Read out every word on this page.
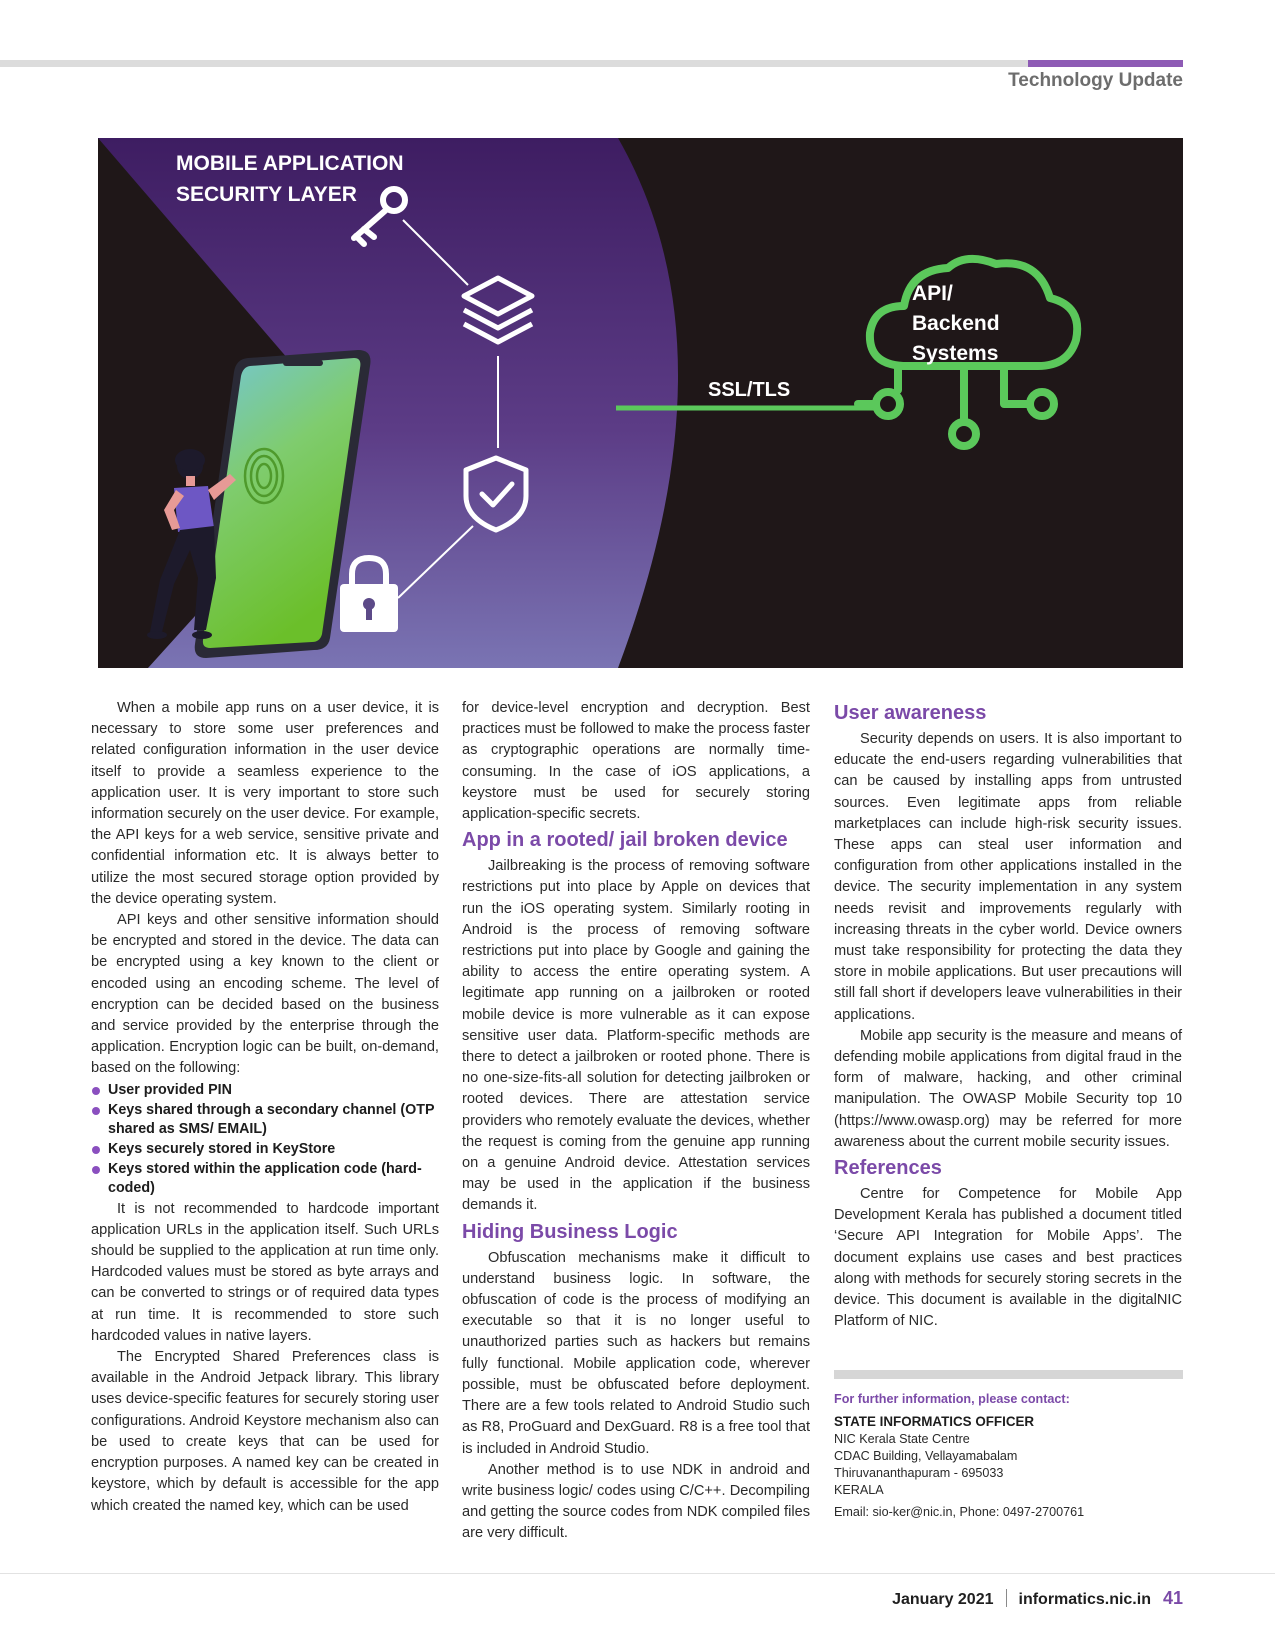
Technology Update
MOBILE APPLICATION
SECURITY LAYER
SSL/TLS
API/
Backend
Systems

When a mobile app runs on a user device, it is necessary to store some user preferences and related configuration information in the user device itself to provide a seamless experience to the application user. It is very important to store such information securely on the user device. For example, the API keys for a web service, sensitive private and confidential information etc. It is always better to utilize the most secured storage option provided by the device operating system.

API keys and other sensitive information should be encrypted and stored in the device. The data can be encrypted using a key known to the client or encoded using an encoding scheme. The level of encryption can be decided based on the business and service provided by the enterprise through the application. Encryption logic can be built, on-demand, based on the following:

User provided PIN
Keys shared through a secondary channel (OTP shared as SMS/ EMAIL)
Keys securely stored in KeyStore
Keys stored within the application code (hard-coded)

It is not recommended to hardcode important application URLs in the application itself. Such URLs should be supplied to the application at run time only. Hardcoded values must be stored as byte arrays and can be converted to strings or of required data types at run time. It is recommended to store such hardcoded values in native layers.

The Encrypted Shared Preferences class is available in the Android Jetpack library. This library uses device-specific features for securely storing user configurations. Android Keystore mechanism also can be used to create keys that can be used for encryption purposes. A named key can be created in keystore, which by default is accessible for the app which created the named key, which can be used

for device-level encryption and decryption. Best practices must be followed to make the process faster as cryptographic operations are normally time-consuming. In the case of iOS applications, a keystore must be used for securely storing application-specific secrets.

App in a rooted/ jail broken device

Jailbreaking is the process of removing software restrictions put into place by Apple on devices that run the iOS operating system. Similarly rooting in Android is the process of removing software restrictions put into place by Google and gaining the ability to access the entire operating system. A legitimate app running on a jailbroken or rooted mobile device is more vulnerable as it can expose sensitive user data. Platform-specific methods are there to detect a jailbroken or rooted phone. There is no one-size-fits-all solution for detecting jailbroken or rooted devices. There are attestation service providers who remotely evaluate the devices, whether the request is coming from the genuine app running on a genuine Android device. Attestation services may be used in the application if the business demands it.

Hiding Business Logic

Obfuscation mechanisms make it difficult to understand business logic. In software, the obfuscation of code is the process of modifying an executable so that it is no longer useful to unauthorized parties such as hackers but remains fully functional. Mobile application code, wherever possible, must be obfuscated before deployment. There are a few tools related to Android Studio such as R8, ProGuard and DexGuard. R8 is a free tool that is included in Android Studio.

Another method is to use NDK in android and write business logic/ codes using C/C++. Decompiling and getting the source codes from NDK compiled files are very difficult.

User awareness

Security depends on users. It is also important to educate the end-users regarding vulnerabilities that can be caused by installing apps from untrusted sources. Even legitimate apps from reliable marketplaces can include high-risk security issues. These apps can steal user information and configuration from other applications installed in the device. The security implementation in any system needs revisit and improvements regularly with increasing threats in the cyber world. Device owners must take responsibility for protecting the data they store in mobile applications. But user precautions will still fall short if developers leave vulnerabilities in their applications.

Mobile app security is the measure and means of defending mobile applications from digital fraud in the form of malware, hacking, and other criminal manipulation. The OWASP Mobile Security top 10 (https://www.owasp.org) may be referred for more awareness about the current mobile security issues.

References

Centre for Competence for Mobile App Development Kerala has published a document titled ‘Secure API Integration for Mobile Apps’. The document explains use cases and best practices along with methods for securely storing secrets in the device. This document is available in the digitalNIC Platform of NIC.

For further information, please contact:
STATE INFORMATICS OFFICER
NIC Kerala State Centre
CDAC Building, Vellayamabalam
Thiruvananthapuram - 695033
KERALA
Email: sio-ker@nic.in, Phone: 0497-2700761
January 2021 informatics.nic.in 41
